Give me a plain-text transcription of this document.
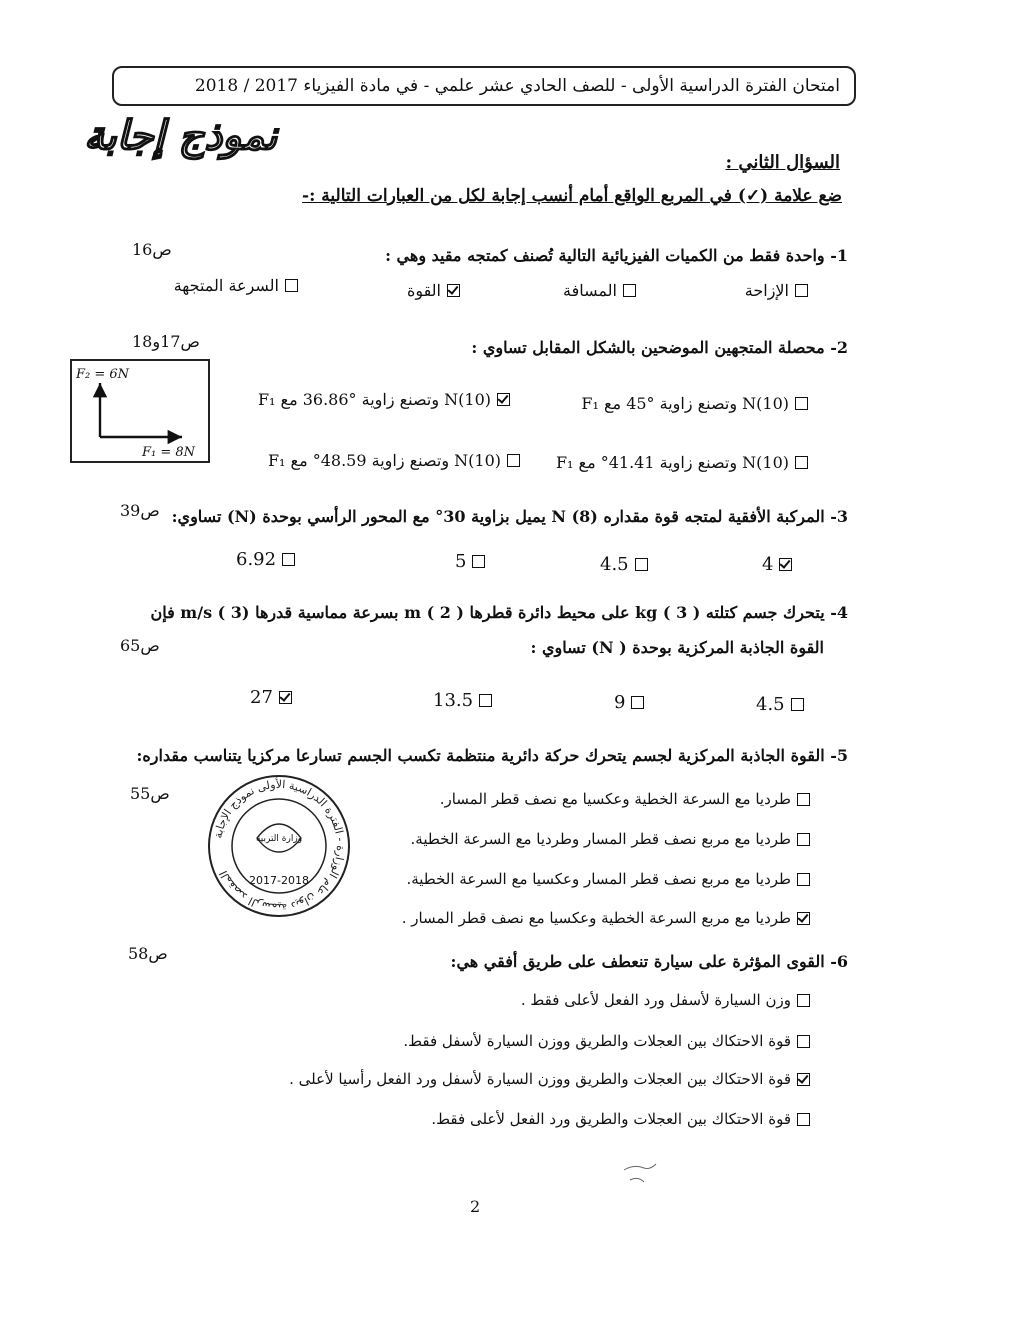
امتحان الفترة الدراسية الأولى - للصف الحادي عشر علمي - في مادة الفيزياء 2017 / 2018
نموذج إجابة
السؤال الثاني :
ضع علامة (✓) في المربع الواقع أمام أنسب إجابة لكل من العبارات التالية :-
1- واحدة فقط من الكميات الفيزيائية التالية تُصنف كمتجه مقيد وهي :
ص16
الإزاحة
المسافة
القوة
السرعة المتجهة
2- محصلة المتجهين الموضحين بالشكل المقابل تساوي :
ص17و18
F₂ = 6N
F₁ = 8N
(10)N وتصنع زاوية °45 مع F₁
(10)N وتصنع زاوية °36.86 مع F₁
(10)N وتصنع زاوية 41.41° مع F₁
(10)N وتصنع زاوية 48.59° مع F₁
3- المركبة الأفقية لمتجه قوة مقداره N (8) يميل بزاوية 30° مع المحور الرأسي بوحدة (N) تساوي:
ص39
4
4.5
5
6.92
4- يتحرك جسم كتلته kg ( 3 ) على محيط دائرة قطرها m ( 2 ) بسرعة مماسية قدرها m/s ( 3) فإن
القوة الجاذبة المركزية بوحدة ( N) تساوي :
ص65
4.5
9
13.5
27
5- القوة الجاذبة المركزية لجسم يتحرك حركة دائرية منتظمة تكسب الجسم تسارعا مركزيا يتناسب مقداره:
ص55	طرديا مع السرعة الخطية وعكسيا مع نصف قطر المسار.
طرديا مع مربع نصف قطر المسار وطرديا مع السرعة الخطية.
طرديا مع مربع نصف قطر المسار وعكسيا مع السرعة الخطية.
طرديا مع مربع السرعة الخطية وعكسيا مع نصف قطر المسار .
المقصد الرسمية ديوان عام الوزارة - الفترة الدراسية الأولى نموذج الإجابة
وزارة التربية
2017-2018
6- القوى المؤثرة على سيارة تنعطف على طريق أفقي هي:
ص58
وزن السيارة لأسفل ورد الفعل لأعلى فقط .
قوة الاحتكاك بين العجلات والطريق ووزن السيارة لأسفل فقط.
قوة الاحتكاك بين العجلات والطريق ووزن السيارة لأسفل ورد الفعل رأسيا لأعلى .
قوة الاحتكاك بين العجلات والطريق ورد الفعل لأعلى فقط.
2
